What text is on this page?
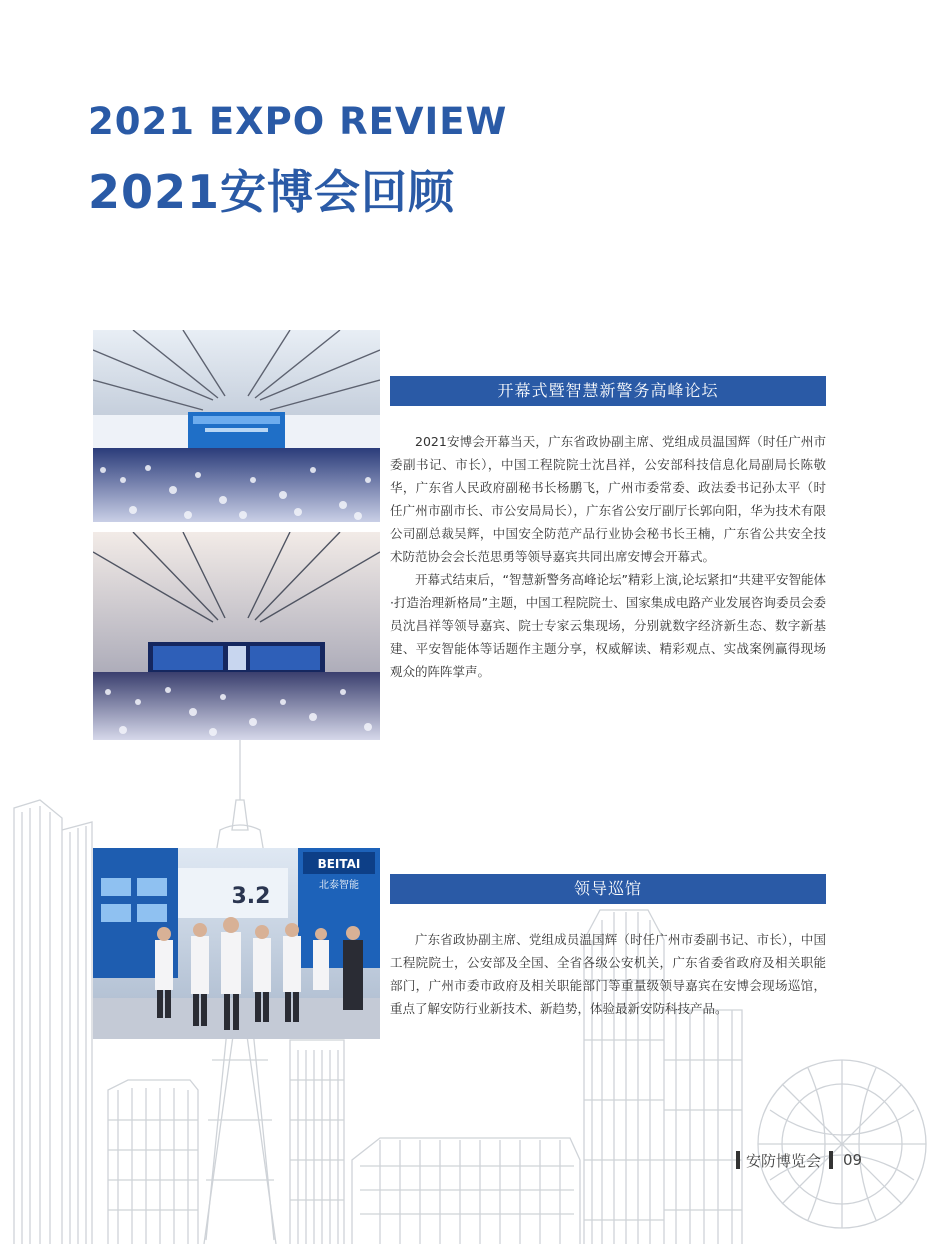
2021 EXPO REVIEW
2021安博会回顾
BEITAI
北泰智能
3.2
开幕式暨智慧新警务高峰论坛

2021安博会开幕当天，广东省政协副主席、党组成员温国辉（时任广州市委副书记、市长），中国工程院院士沈昌祥，公安部科技信息化局副局长陈敬华，广东省人民政府副秘书长杨鹏飞，广州市委常委、政法委书记孙太平（时任广州市副市长、市公安局局长），广东省公安厅副厅长郭向阳，华为技术有限公司副总裁吴辉，中国安全防范产品行业协会秘书长王楠，广东省公共安全技术防范协会会长范思勇等领导嘉宾共同出席安博会开幕式。

开幕式结束后，“智慧新警务高峰论坛”精彩上演,论坛紧扣“共建平安智能体·打造治理新格局”主题，中国工程院院士、国家集成电路产业发展咨询委员会委员沈昌祥等领导嘉宾、院士专家云集现场，分别就数字经济新生态、数字新基建、平安智能体等话题作主题分享，权威解读、精彩观点、实战案例赢得现场观众的阵阵掌声。

领导巡馆

广东省政协副主席、党组成员温国辉（时任广州市委副书记、市长），中国工程院院士，公安部及全国、全省各级公安机关，广东省委省政府及相关职能部门，广州市委市政府及相关职能部门等重量级领导嘉宾在安博会现场巡馆，重点了解安防行业新技术、新趋势，体验最新安防科技产品。

安防博览会 09
